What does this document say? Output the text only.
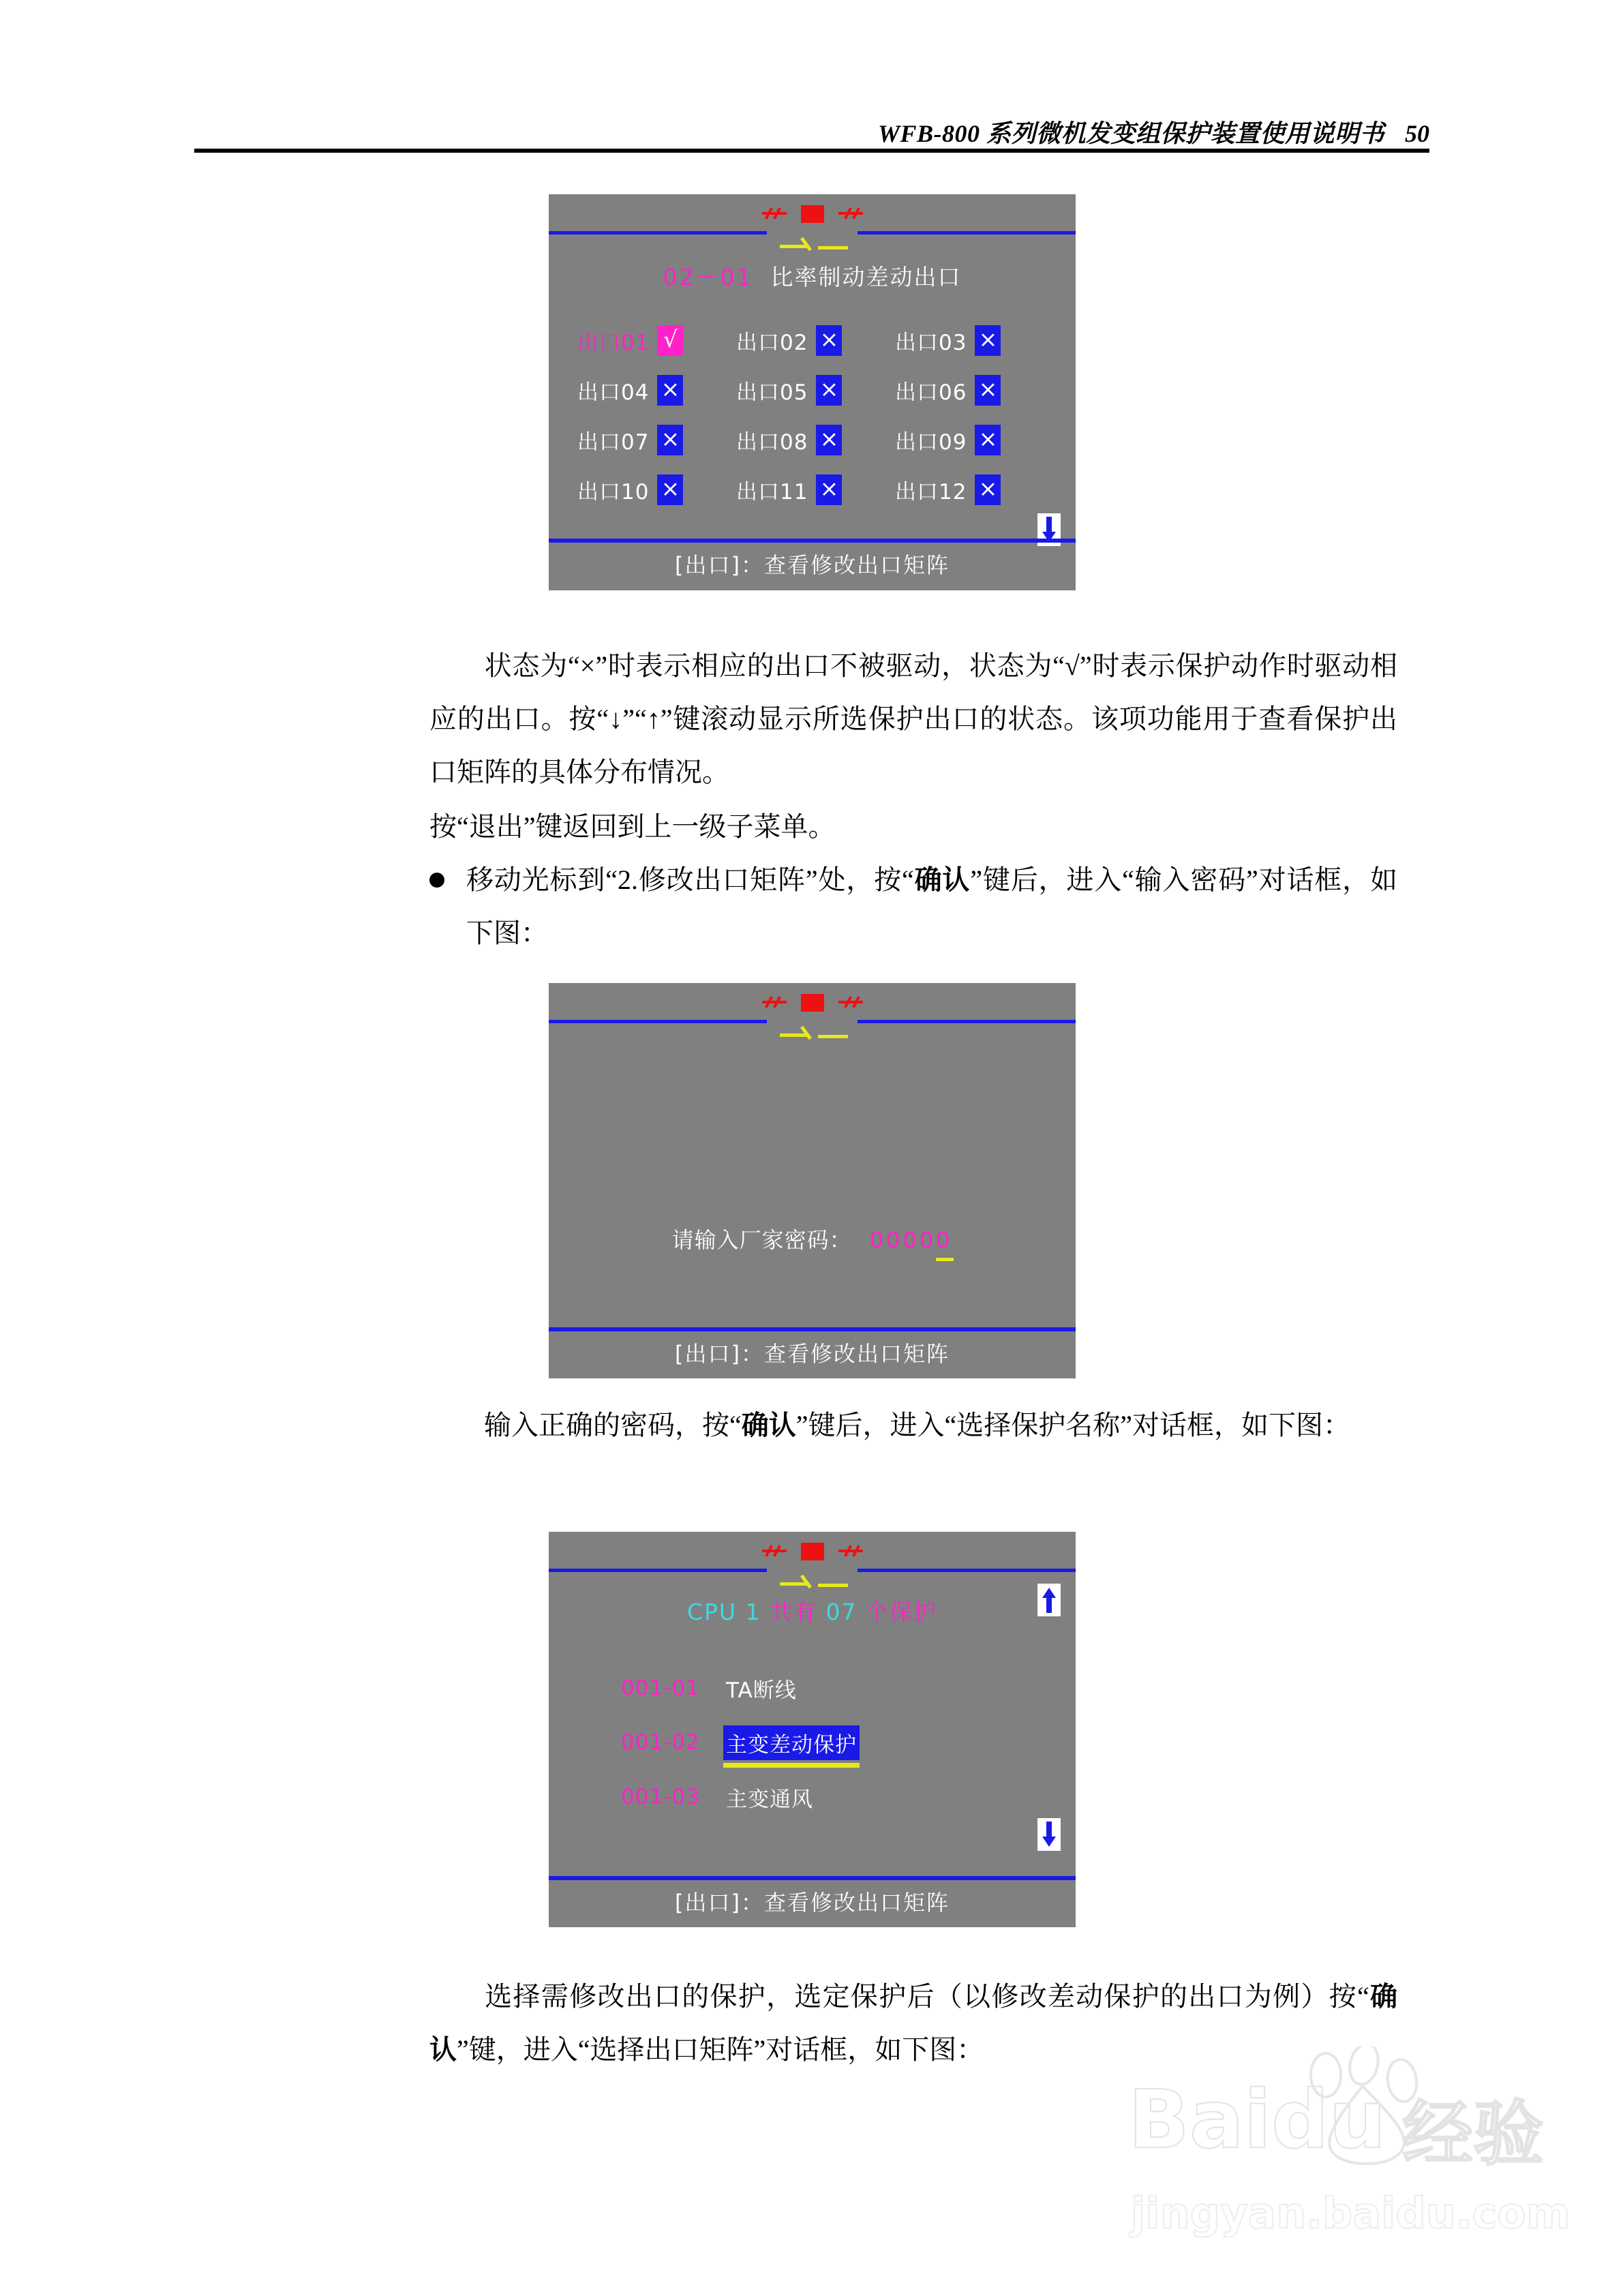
WFB-800 系列微机发变组保护装置使用说明书 50
02－01 比率制动差动出口
出口01 √	出口02 ×	出口03 ×
出口04 ×	出口05 ×	出口06 ×
出口07 ×	出口08 ×	出口09 ×
出口10 ×	出口11 ×	出口12 ×
[出口]：查看修改出口矩阵
状态为“×”时表示相应的出口不被驱动，状态为“√”时表示保护动作时驱动相应的出口。按“↓”“↑”键滚动显示所选保护出口的状态。该项功能用于查看保护出口矩阵的具体分布情况。
按“退出”键返回到上一级子菜单。
移动光标到“2.修改出口矩阵”处，按“确认”键后，进入“输入密码”对话框，如下图：
请输入厂家密码： 00000
[出口]：查看修改出口矩阵
输入正确的密码，按“确认”键后，进入“选择保护名称”对话框，如下图：
CPU 1 共有 07 个保护
001-01	TA断线
001-02	主变差动保护
001-03	主变通风
[出口]：查看修改出口矩阵
选择需修改出口的保护，选定保护后（以修改差动保护的出口为例）按“确认”键，进入“选择出口矩阵”对话框，如下图：
Baidu 经验
jingyan.baidu.com
